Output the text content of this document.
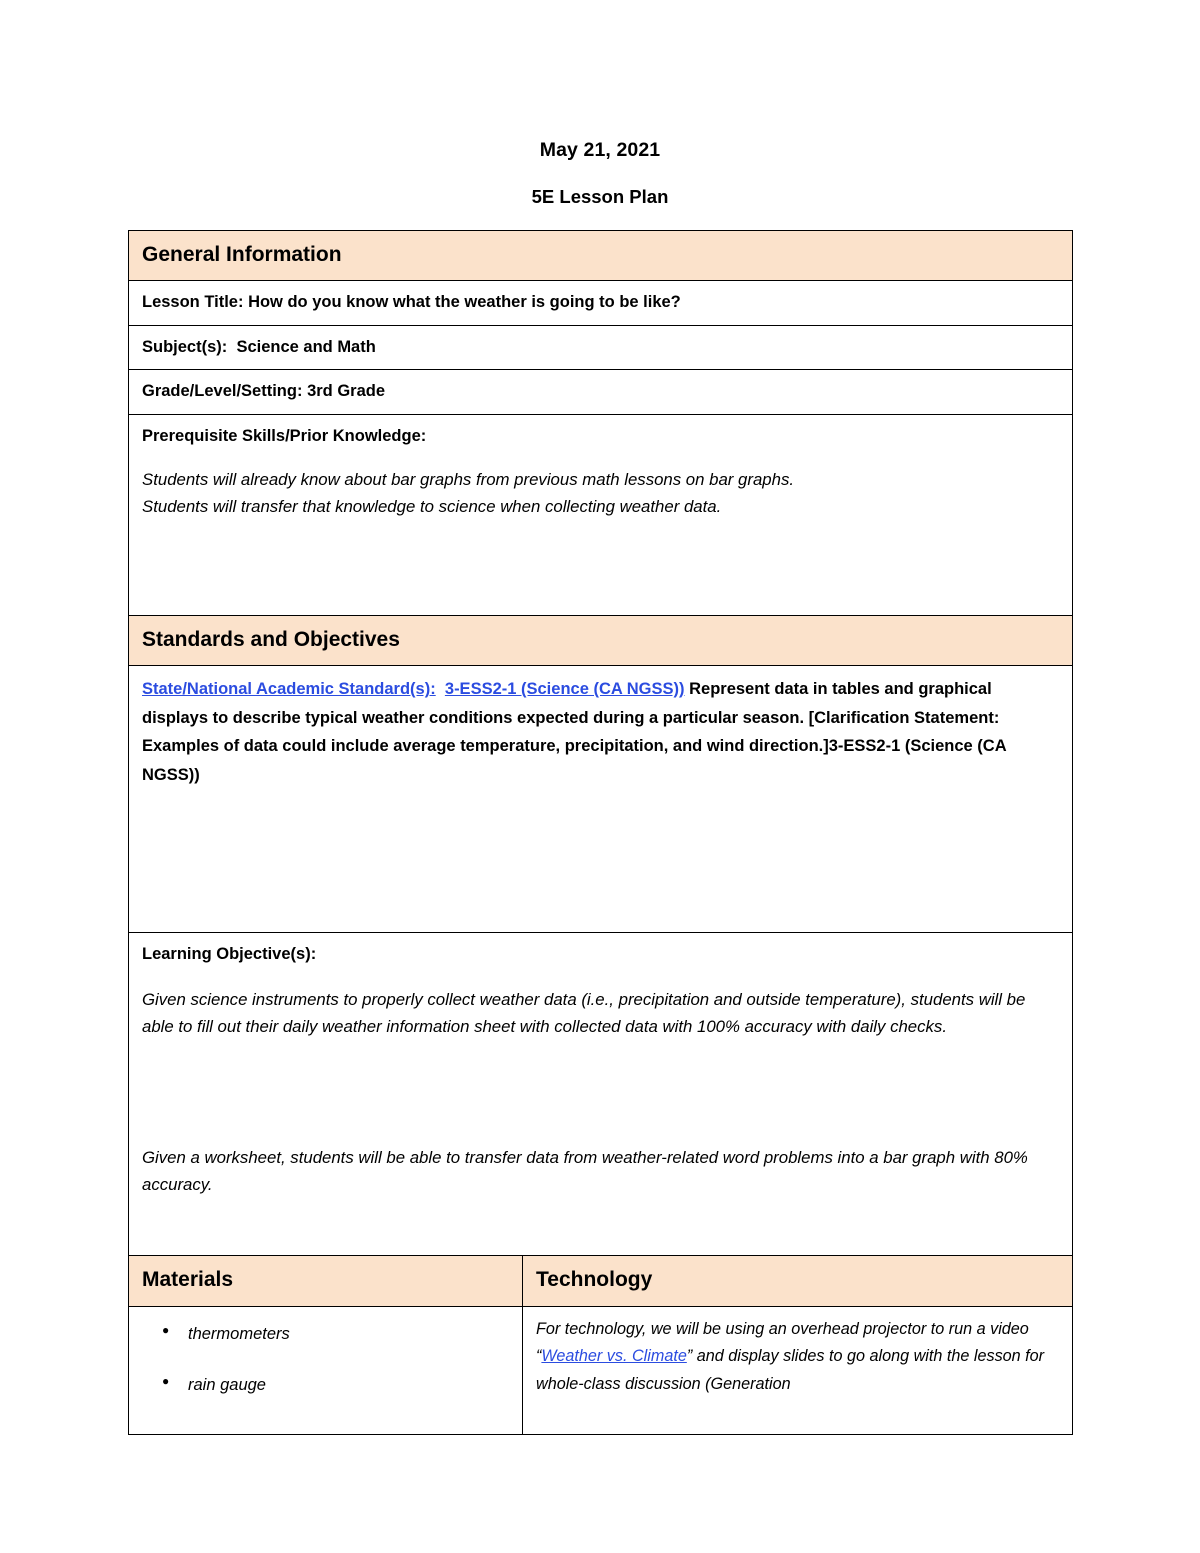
May 21, 2021
5E Lesson Plan
General Information	

Lesson Title: How do you know what the weather is going to be like?	

Subject(s): Science and Math	

Grade/Level/Setting: 3rd Grade	

Prerequisite Skills/Prior Knowledge:

Students will already know about bar graphs from previous math lessons on bar graphs.

Students will transfer that knowledge to science when collecting weather data.	

Standards and Objectives	

State/National Academic Standard(s): 3-ESS2-1 (Science (CA NGSS)) Represent data in tables and graphical displays to describe typical weather conditions expected during a particular season. [Clarification Statement: Examples of data could include average temperature, precipitation, and wind direction.]3-ESS2-1 (Science (CA NGSS))	

Learning Objective(s):

Given science instruments to properly collect weather data (i.e., precipitation and outside temperature), students will be able to fill out their daily weather information sheet with collected data with 100% accuracy with daily checks.

Given a worksheet, students will be able to transfer data from weather-related word problems into a bar graph with 80% accuracy.	

Materials	Technology

● thermometers
● rain gauge

For technology, we will be using an overhead projector to run a video “Weather vs. Climate” and display slides to go along with the lesson for whole-class discussion (Generation
